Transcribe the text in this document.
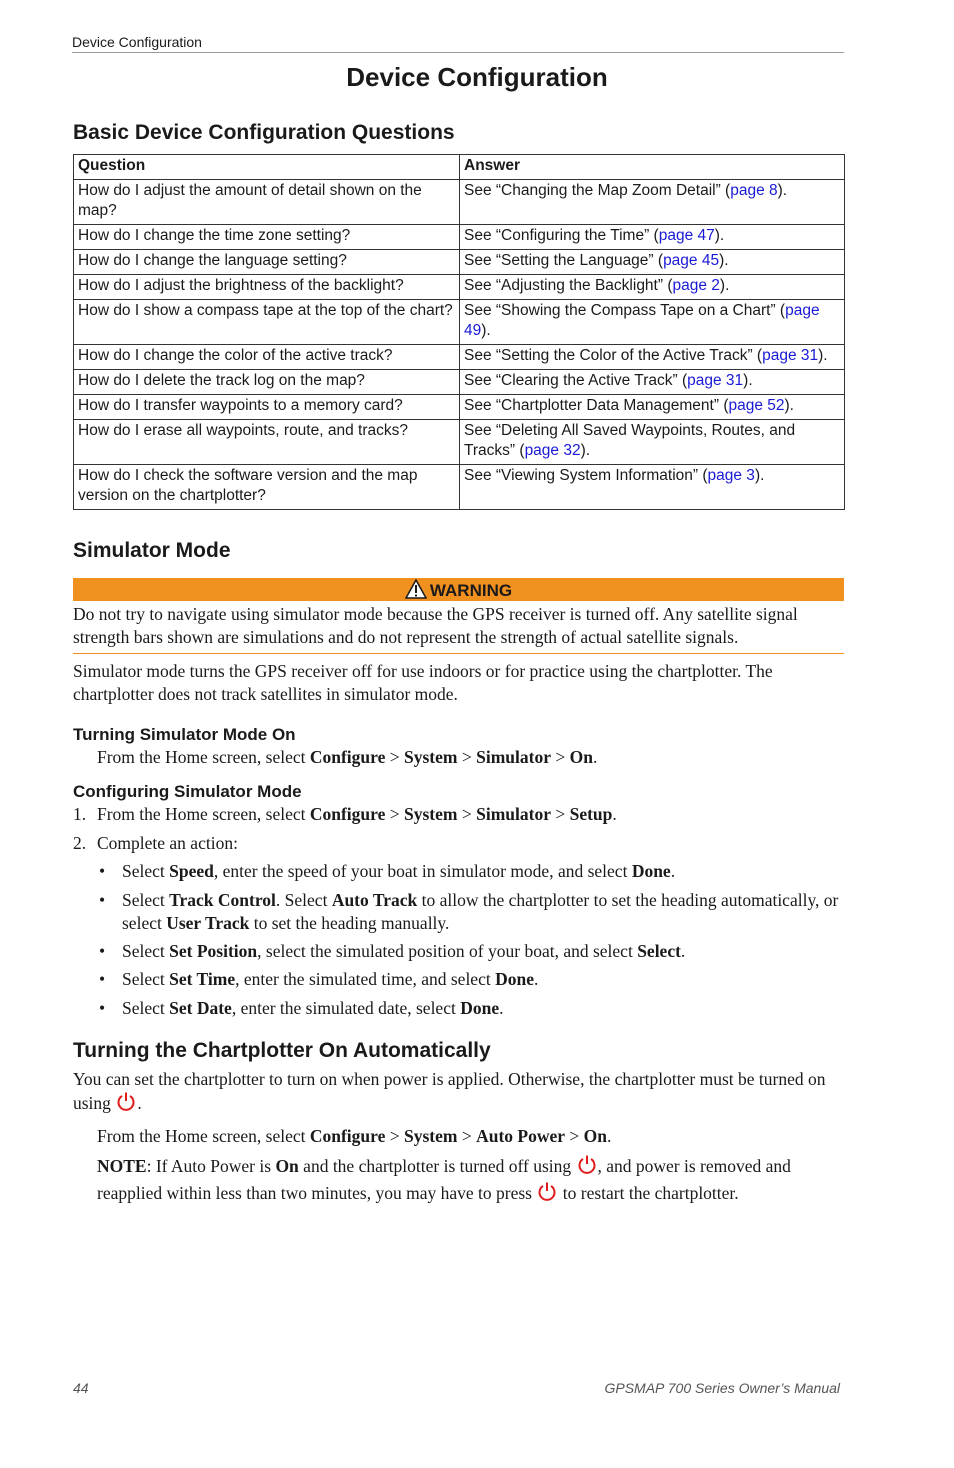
Device Configuration
Device Configuration
Basic Device Configuration Questions
Question	Answer
How do I adjust the amount of detail shown on the map?	See “Changing the Map Zoom Detail” (page 8).
How do I change the time zone setting?	See “Configuring the Time” (page 47).
How do I change the language setting?	See “Setting the Language” (page 45).
How do I adjust the brightness of the backlight?	See “Adjusting the Backlight” (page 2).
How do I show a compass tape at the top of the chart?	See “Showing the Compass Tape on a Chart” (page 49).
How do I change the color of the active track?	See “Setting the Color of the Active Track” (page 31).
How do I delete the track log on the map?	See “Clearing the Active Track” (page 31).
How do I transfer waypoints to a memory card?	See “Chartplotter Data Management” (page 52).
How do I erase all waypoints, route, and tracks?	See “Deleting All Saved Waypoints, Routes, and Tracks” (page 32).
How do I check the software version and the map version on the chartplotter?	See “Viewing System Information” (page 3).
Simulator Mode
WARNING
Do not try to navigate using simulator mode because the GPS receiver is turned off. Any satellite signal strength bars shown are simulations and do not represent the strength of actual satellite signals.

Simulator mode turns the GPS receiver off for use indoors or for practice using the chartplotter. The chartplotter does not track satellites in simulator mode.

Turning Simulator Mode On

From the Home screen, select Configure > System > Simulator > On.

Configuring Simulator Mode
1. From the Home screen, select Configure > System > Simulator > Setup.
2. Complete an action:
• Select Speed, enter the speed of your boat in simulator mode, and select Done.
• Select Track Control. Select Auto Track to allow the chartplotter to set the heading automatically, or select User Track to set the heading manually.
• Select Set Position, select the simulated position of your boat, and select Select.
• Select Set Time, enter the simulated time, and select Done.
• Select Set Date, enter the simulated date, select Done.
Turning the Chartplotter On Automatically

You can set the chartplotter to turn on when power is applied. Otherwise, the chartplotter must be turned on using .

From the Home screen, select Configure > System > Auto Power > On.

NOTE: If Auto Power is On and the chartplotter is turned off using , and power is removed and reapplied within less than two minutes, you may have to press  to restart the chartplotter.

44	GPSMAP 700 Series Owner’s Manual
